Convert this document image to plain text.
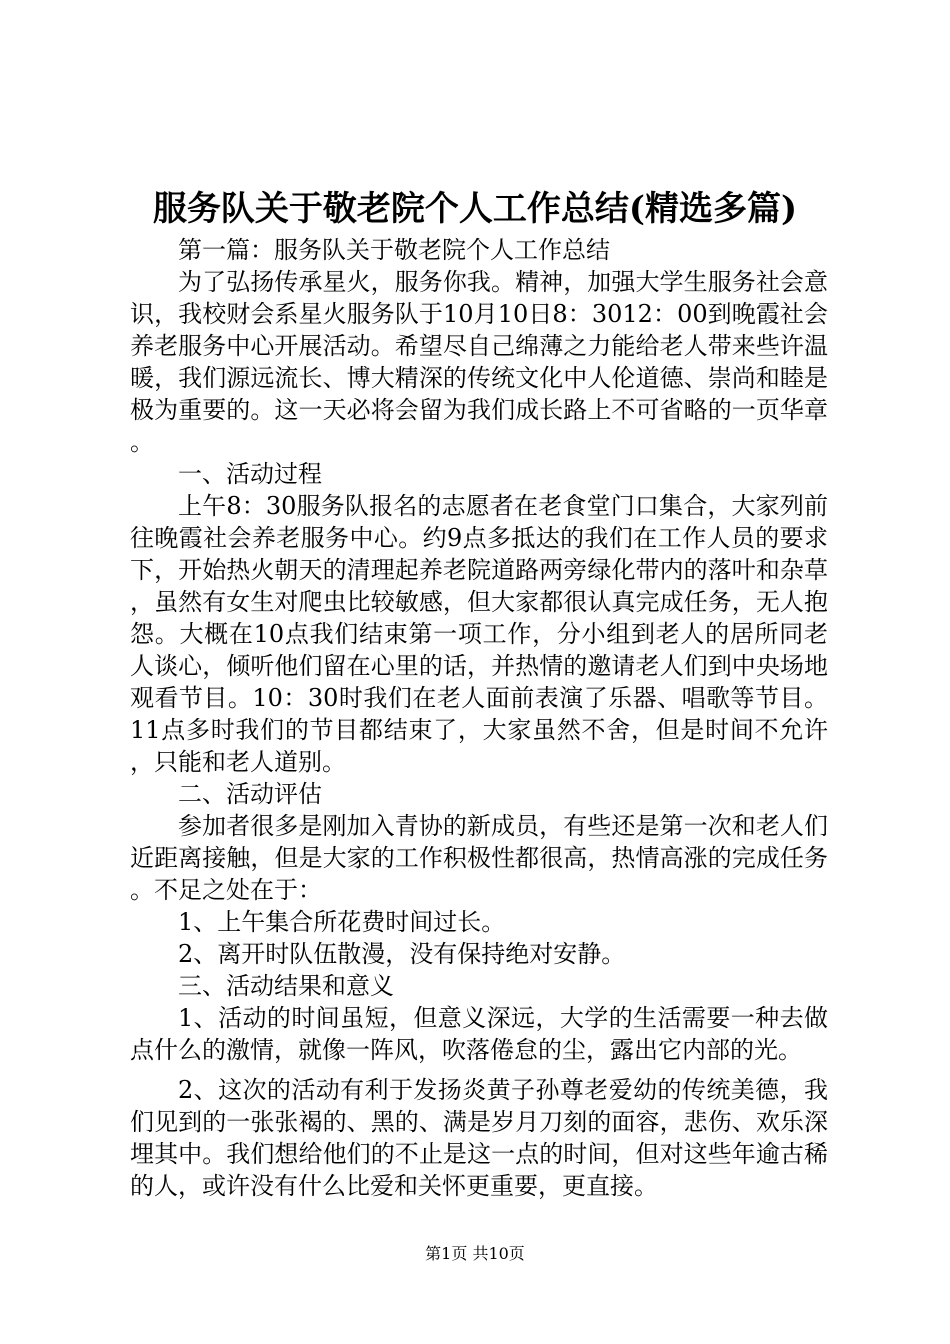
服务队关于敬老院个人工作总结(精选多篇)

第一篇：服务队关于敬老院个人工作总结

为了弘扬传承星火，服务你我。精神，加强大学生服务社会意识，我校财会系星火服务队于10月10日8：3012：00到晚霞社会养老服务中心开展活动。希望尽自己绵薄之力能给老人带来些许温暖，我们源远流长、博大精深的传统文化中人伦道德、崇尚和睦是极为重要的。这一天必将会留为我们成长路上不可省略的一页华章。

一、活动过程

上午8：30服务队报名的志愿者在老食堂门口集合，大家列前往晚霞社会养老服务中心。约9点多抵达的我们在工作人员的要求下，开始热火朝天的清理起养老院道路两旁绿化带内的落叶和杂草，虽然有女生对爬虫比较敏感，但大家都很认真完成任务，无人抱怨。大概在10点我们结束第一项工作，分小组到老人的居所同老人谈心，倾听他们留在心里的话，并热情的邀请老人们到中央场地观看节目。10：30时我们在老人面前表演了乐器、唱歌等节目。11点多时我们的节目都结束了，大家虽然不舍，但是时间不允许，只能和老人道别。

二、活动评估

参加者很多是刚加入青协的新成员，有些还是第一次和老人们近距离接触，但是大家的工作积极性都很高，热情高涨的完成任务。不足之处在于：

1、上午集合所花费时间过长。

2、离开时队伍散漫，没有保持绝对安静。

三、活动结果和意义

1、活动的时间虽短，但意义深远，大学的生活需要一种去做点什么的激情，就像一阵风，吹落倦怠的尘，露出它内部的光。

2、这次的活动有利于发扬炎黄子孙尊老爱幼的传统美德，我们见到的一张张褐的、黑的、满是岁月刀刻的面容，悲伤、欢乐深埋其中。我们想给他们的不止是这一点的时间，但对这些年逾古稀的人，或许没有什么比爱和关怀更重要，更直接。

第1页 共10页
